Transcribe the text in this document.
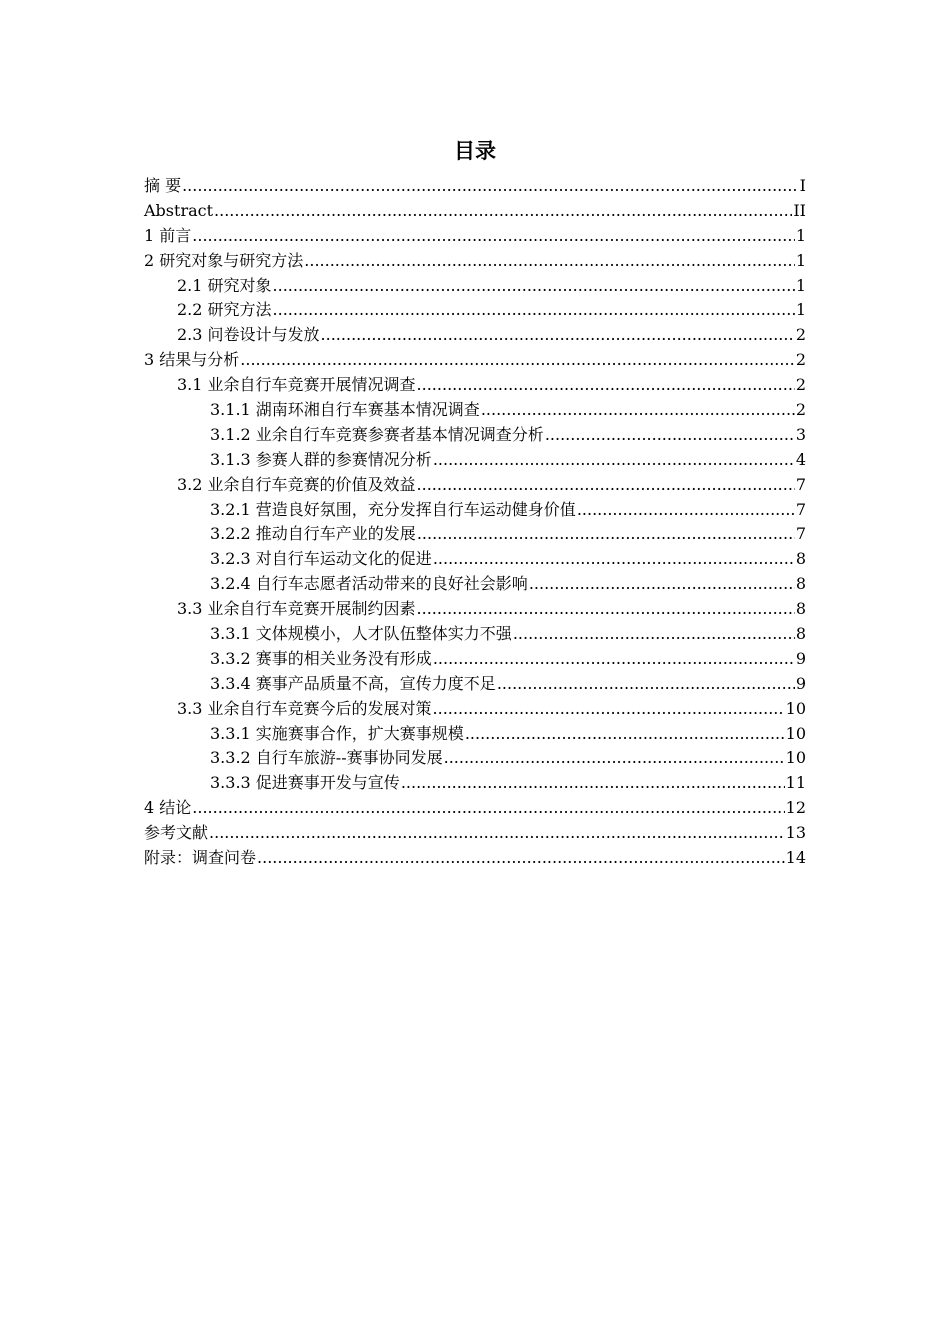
目录
摘 要 .....	I
Abstract .....	II
1 前言 .....	1
2 研究对象与研究方法 .....	1
2.1 研究对象 .....	1
2.2 研究方法 .....	1
2.3 问卷设计与发放 .....	2
3 结果与分析 .....	2
3.1 业余自行车竞赛开展情况调查 .....	2
3.1.1 湖南环湘自行车赛基本情况调查 .....	2
3.1.2 业余自行车竞赛参赛者基本情况调查分析 .....	3
3.1.3 参赛人群的参赛情况分析 .....	4
3.2 业余自行车竞赛的价值及效益 .....	7
3.2.1 营造良好氛围，充分发挥自行车运动健身价值 .....	7
3.2.2 推动自行车产业的发展 .....	7
3.2.3 对自行车运动文化的促进 .....	8
3.2.4 自行车志愿者活动带来的良好社会影响 .....	8
3.3 业余自行车竞赛开展制约因素 .....	8
3.3.1 文体规模小，人才队伍整体实力不强 .....	8
3.3.2 赛事的相关业务没有形成 .....	9
3.3.4 赛事产品质量不高，宣传力度不足 .....	9
3.3 业余自行车竞赛今后的发展对策 .....	10
3.3.1 实施赛事合作，扩大赛事规模 .....	10
3.3.2 自行车旅游--赛事协同发展 .....	10
3.3.3 促进赛事开发与宣传 .....	11
4 结论 .....	12
参考文献 .....	13
附录：调查问卷 .....	14
